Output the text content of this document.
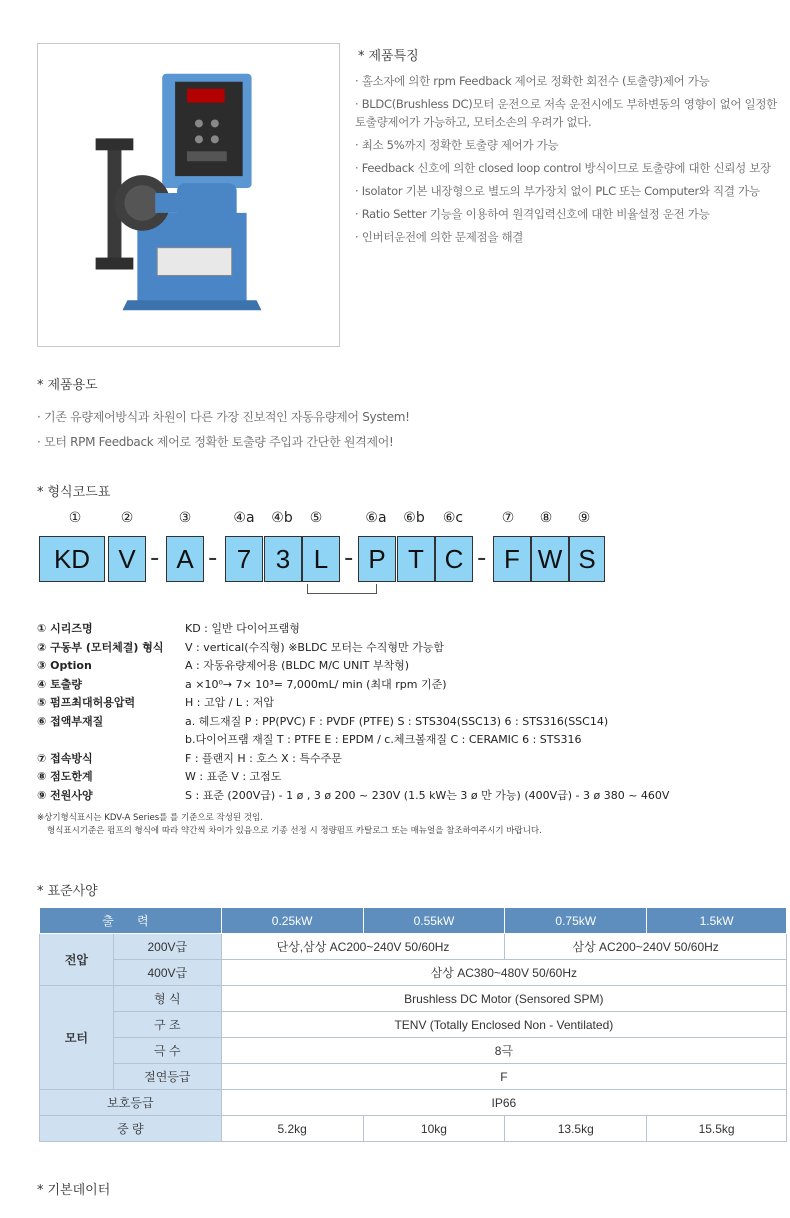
* 제품특징
· 홀소자에 의한 rpm Feedback 제어로 정확한 회전수 (토출량)제어 가능
· BLDC(Brushless DC)모터 운전으로 저속 운전시에도 부하변동의 영향이 없어 일정한 토출량제어가 가능하고, 모터소손의 우려가 없다.
· 최소 5%까지 정확한 토출량 제어가 가능
· Feedback 신호에 의한 closed loop control 방식이므로 토출량에 대한 신뢰성 보장
· Isolator 기본 내장형으로 별도의 부가장치 없이 PLC 또는 Computer와 직결 가능
· Ratio Setter 기능을 이용하여 원격입력신호에 대한 비율설정 운전 가능
· 인버터운전에 의한 문제점을 해결
* 제품용도
· 기존 유량제어방식과 차원이 다른 가장 진보적인 자동유량제어 System!
· 모터 RPM Feedback 제어로 정확한 토출량 주입과 간단한 원격제어!
* 형식코드표
①	②	③	④a	④b	⑤	⑥a	⑥b	⑥c	⑦	⑧	⑨
KD	V - A - 7 3 L - P T C - F W S
① 시리즈명	KD : 일반 다이어프램형
② 구동부 (모터체결) 형식	V : vertical(수직형) ※BLDC 모터는 수직형만 가능함
③ Option	A : 자동유량제어용 (BLDC M/C UNIT 부착형)
④ 토출량	a ×10⁰→ 7× 10³= 7,000mL/ min (최대 rpm 기준)
⑤ 펌프최대허용압력	H : 고압 / L : 저압
⑥ 접액부재질	a. 헤드재질 P : PP(PVC) F : PVDF (PTFE) S : STS304(SSC13) 6 : STS316(SSC14)
	b.다이어프램 재질 T : PTFE E : EPDM / c.체크볼재질 C : CERAMIC 6 : STS316
⑦ 접속방식	F : 플랜지 H : 호스 X : 특수주문
⑧ 점도한계	W : 표준 V : 고점도
⑨ 전원사양	S : 표준 (200V급) - 1 ø , 3 ø 200 ~ 230V (1.5 kW는 3 ø 만 가능) (400V급) - 3 ø 380 ~ 460V
※상기형식표시는 KDV-A Series를 를 기준으로 작성된 것임.
형식표시기준은 펌프의 형식에 따라 약간씩 차이가 있음으로 기종 선정 시 정량펌프 카탈로그 또는 매뉴얼을 참조하여주시기 바랍니다.
* 표준사양
출 력		0.25kW	0.55kW	0.75kW	1.5kW
전압	200V급	단상,삼상 AC200~240V 50/60Hz		삼상 AC200~240V 50/60Hz	
	400V급	삼상 AC380~480V 50/60Hz			
모터	형 식	Brushless DC Motor (Sensored SPM)			
	구 조	TENV (Totally Enclosed Non - Ventilated)			
	극 수	8극			
	절연등급	F			
보호등급		IP66			
중 량		5.2kg	10kg	13.5kg	15.5kg
* 기본데이터
